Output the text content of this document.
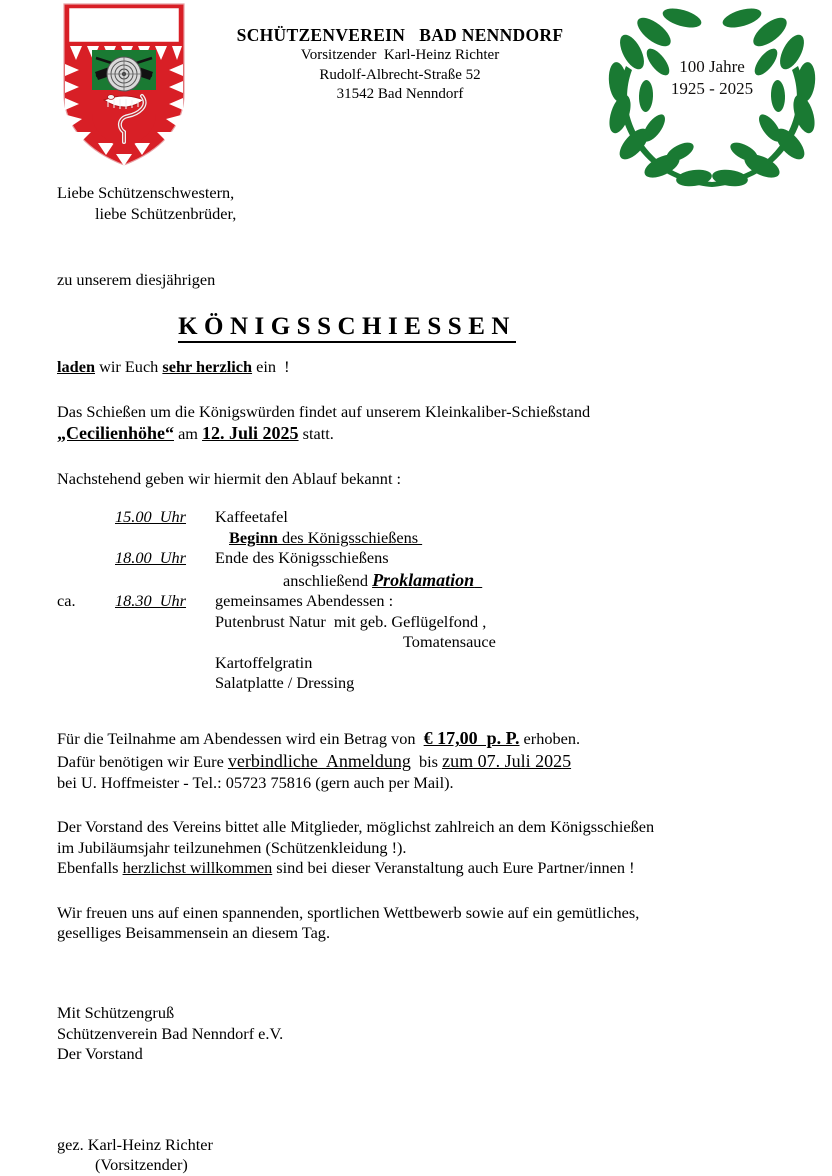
SCHÜTZENVEREIN   BAD NENNDORF
Vorsitzender  Karl-Heinz Richter
Rudolf-Albrecht-Straße 52
31542 Bad Nenndorf
100 Jahre
1925 - 2025
Liebe Schützenschwestern,
liebe Schützenbrüder,
zu unserem diesjährigen
KÖNIGSSCHIESSEN
laden wir Euch sehr herzlich ein  !
Das Schießen um die Königswürden findet auf unserem Kleinkaliber-Schießstand
„Cecilienhöhe“ am 12. Juli 2025 statt.
Nachstehend geben wir hiermit den Ablauf bekannt :
	15.00  Uhr	Kaffeetafel
		Beginn des Königsschießens
	18.00  Uhr	Ende des Königsschießens
		anschließend Proklamation
ca.	18.30  Uhr	gemeinsames Abendessen :
		Putenbrust Natur  mit geb. Geflügelfond ,
		Tomatensauce
		Kartoffelgratin
		Salatplatte / Dressing
Für die Teilnahme am Abendessen wird ein Betrag von  € 17,00  p. P. erhoben.
Dafür benötigen wir Eure verbindliche  Anmeldung  bis zum 07. Juli 2025
bei U. Hoffmeister - Tel.: 05723 75816 (gern auch per Mail).
Der Vorstand des Vereins bittet alle Mitglieder, möglichst zahlreich an dem Königsschießen
im Jubiläumsjahr teilzunehmen (Schützenkleidung !).
Ebenfalls herzlichst willkommen sind bei dieser Veranstaltung auch Eure Partner/innen !
Wir freuen uns auf einen spannenden, sportlichen Wettbewerb sowie auf ein gemütliches,
geselliges Beisammensein an diesem Tag.
Mit Schützengruß
Schützenverein Bad Nenndorf e.V.
Der Vorstand
gez. Karl-Heinz Richter
(Vorsitzender)
